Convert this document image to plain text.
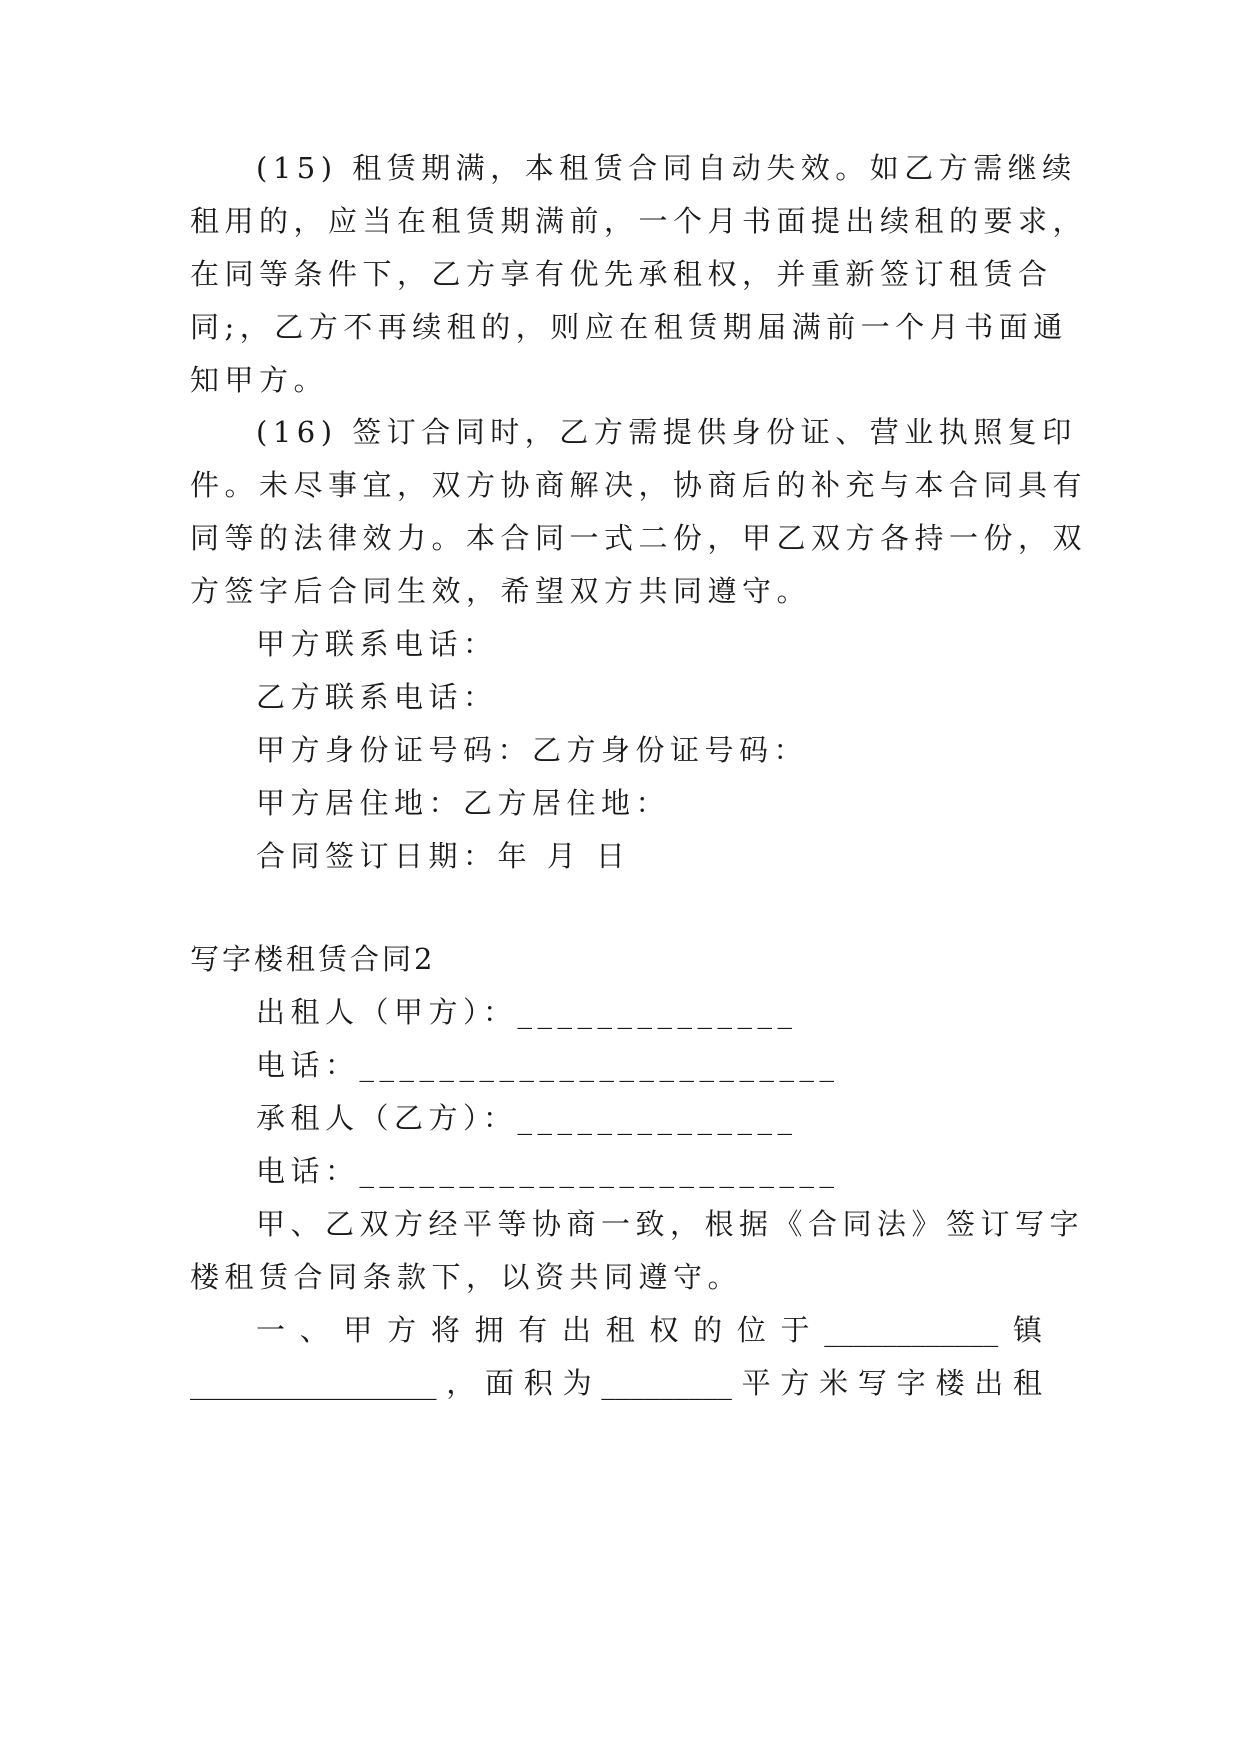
(15) 租赁期满，本租赁合同自动失效。如乙方需继续

租用的，应当在租赁期满前，一个月书面提出续租的要求，

在同等条件下，乙方享有优先承租权，并重新签订租赁合

同;，乙方不再续租的，则应在租赁期届满前一个月书面通

知甲方。

(16) 签订合同时，乙方需提供身份证、营业执照复印

件。未尽事宜，双方协商解决，协商后的补充与本合同具有

同等的法律效力。本合同一式二份，甲乙双方各持一份，双

方签字后合同生效，希望双方共同遵守。

甲方联系电话：

乙方联系电话：

甲方身份证号码：乙方身份证号码：

甲方居住地：乙方居住地：

合同签订日期：年 月 日

写字楼租赁合同2

出租人（甲方）：______________

电话：________________________

承租人（乙方）：______________

电话：________________________

甲、乙双方经平等协商一致，根据《合同法》签订写字

楼租赁合同条款下，以资共同遵守。

一、甲方将拥有出租权的位于____________镇

_________________，面积为_________平方米写字楼出租
